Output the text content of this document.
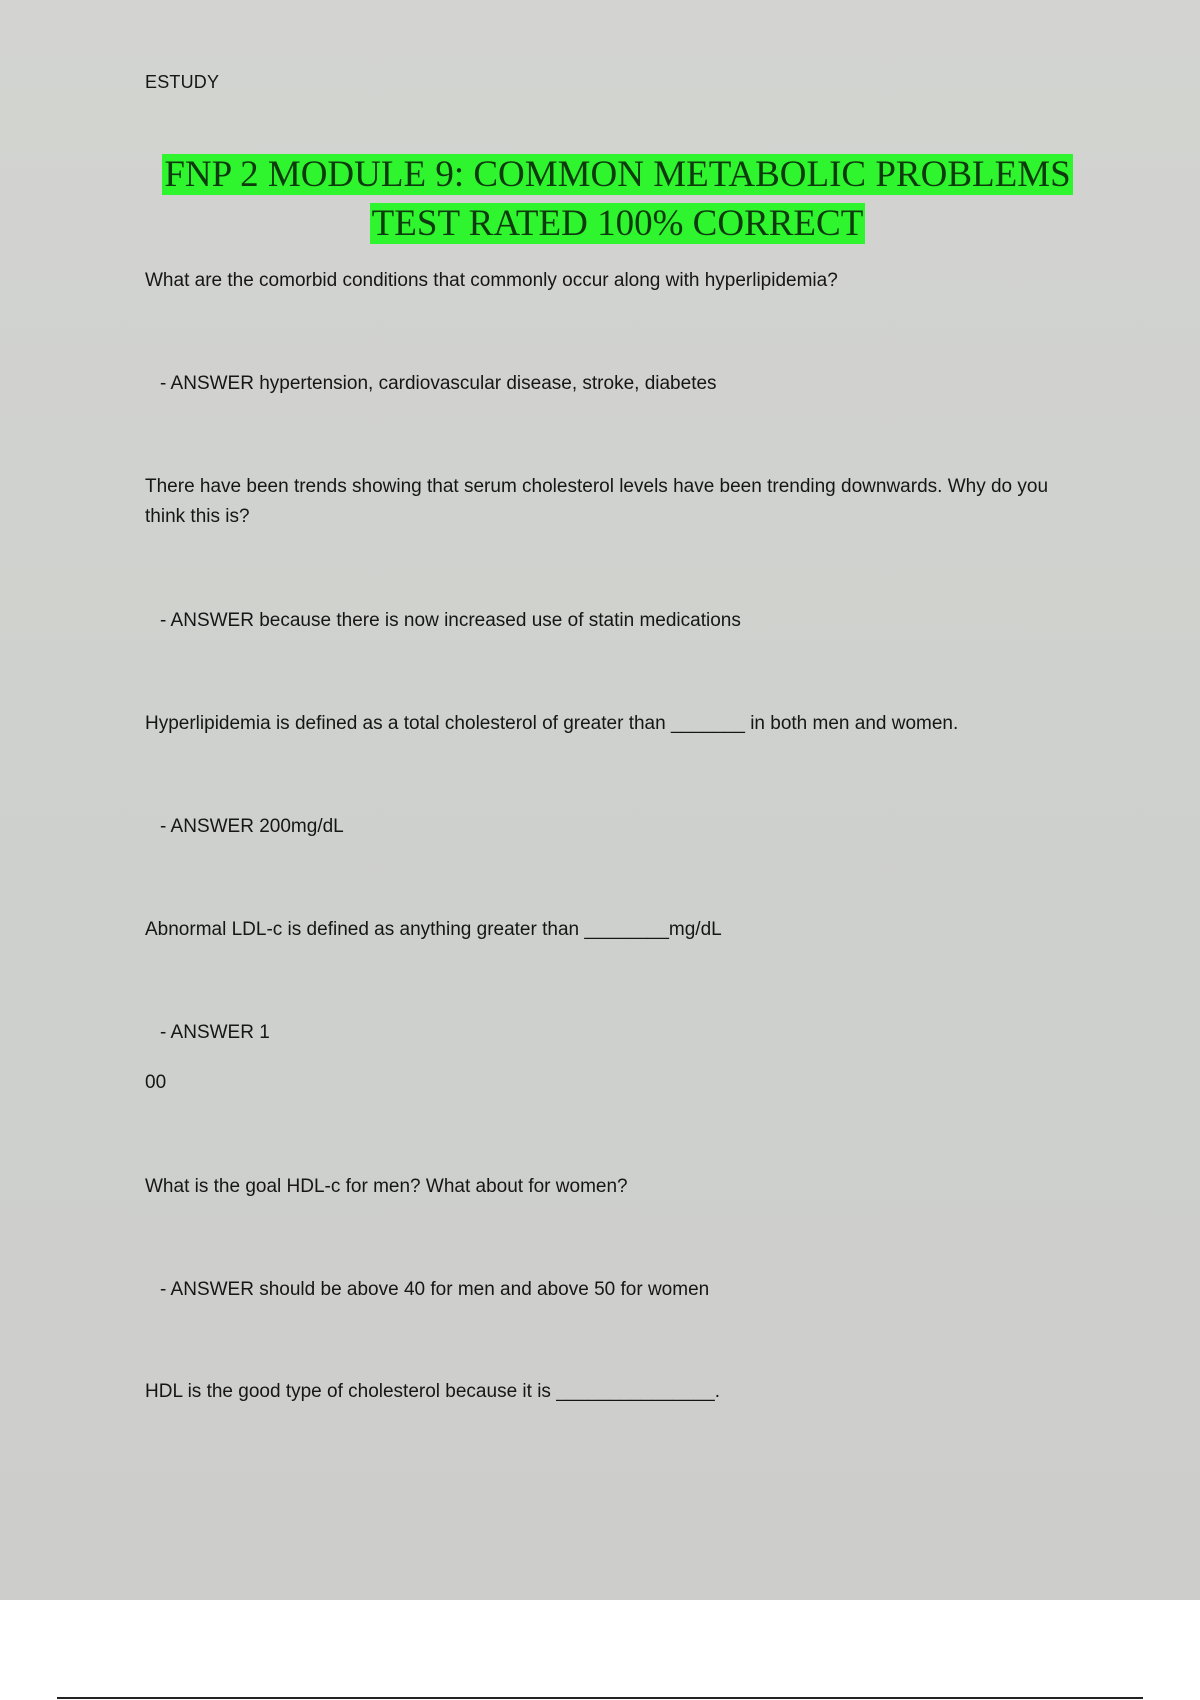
ESTUDY
FNP 2 MODULE 9: COMMON METABOLIC PROBLEMS
TEST RATED 100% CORRECT
What are the comorbid conditions that commonly occur along with hyperlipidemia?
- ANSWER hypertension, cardiovascular disease, stroke, diabetes
There have been trends showing that serum cholesterol levels have been trending downwards. Why do you think this is?
- ANSWER because there is now increased use of statin medications
Hyperlipidemia is defined as a total cholesterol of greater than _______ in both men and women.
- ANSWER 200mg/dL
Abnormal LDL-c is defined as anything greater than ________mg/dL
- ANSWER 1
00
What is the goal HDL-c for men? What about for women?
- ANSWER should be above 40 for men and above 50 for women
HDL is the good type of cholesterol because it is _______________.
